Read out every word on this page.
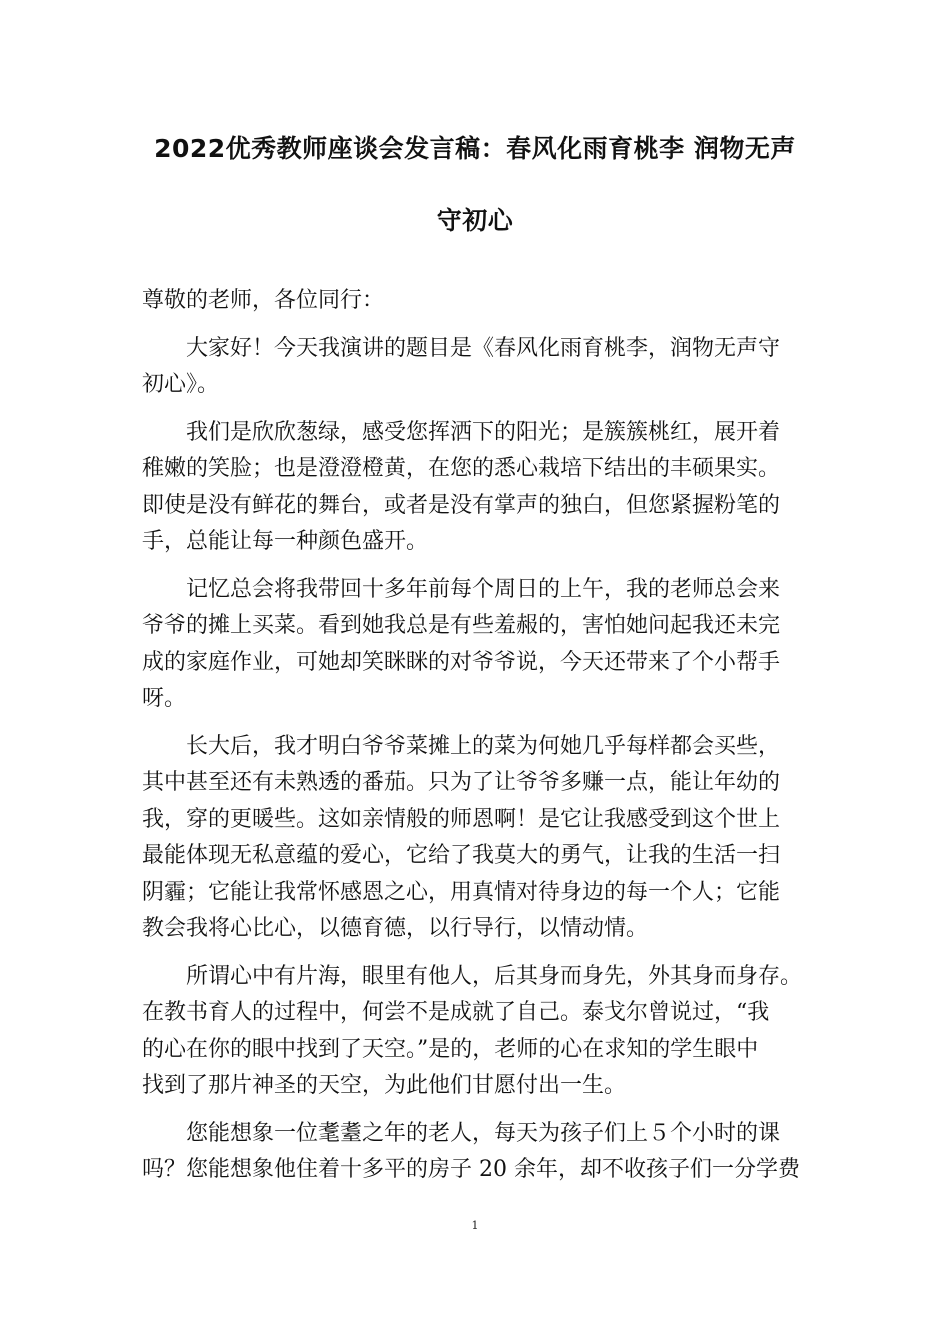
2022优秀教师座谈会发言稿：春风化雨育桃李 润物无声
守初心
尊敬的老师，各位同行：
大家好！今天我演讲的题目是《春风化雨育桃李，润物无声守
初心》。
我们是欣欣葱绿，感受您挥洒下的阳光；是簇簇桃红，展开着
稚嫩的笑脸；也是澄澄橙黄，在您的悉心栽培下结出的丰硕果实。
即使是没有鲜花的舞台，或者是没有掌声的独白，但您紧握粉笔的
手，总能让每一种颜色盛开。
记忆总会将我带回十多年前每个周日的上午，我的老师总会来
爷爷的摊上买菜。看到她我总是有些羞赧的，害怕她问起我还未完
成的家庭作业，可她却笑眯眯的对爷爷说，今天还带来了个小帮手
呀。
长大后，我才明白爷爷菜摊上的菜为何她几乎每样都会买些，
其中甚至还有未熟透的番茄。只为了让爷爷多赚一点，能让年幼的
我，穿的更暖些。这如亲情般的师恩啊！是它让我感受到这个世上
最能体现无私意蕴的爱心，它给了我莫大的勇气，让我的生活一扫
阴霾；它能让我常怀感恩之心，用真情对待身边的每一个人；它能
教会我将心比心，以德育德，以行导行，以情动情。
所谓心中有片海，眼里有他人，后其身而身先，外其身而身存。
在教书育人的过程中，何尝不是成就了自己。泰戈尔曾说过，“我
的心在你的眼中找到了天空。”是的，老师的心在求知的学生眼中
找到了那片神圣的天空，为此他们甘愿付出一生。
您能想象一位耄耋之年的老人，每天为孩子们上５个小时的课
吗？您能想象他住着十多平的房子 20 余年，却不收孩子们一分学费
1
